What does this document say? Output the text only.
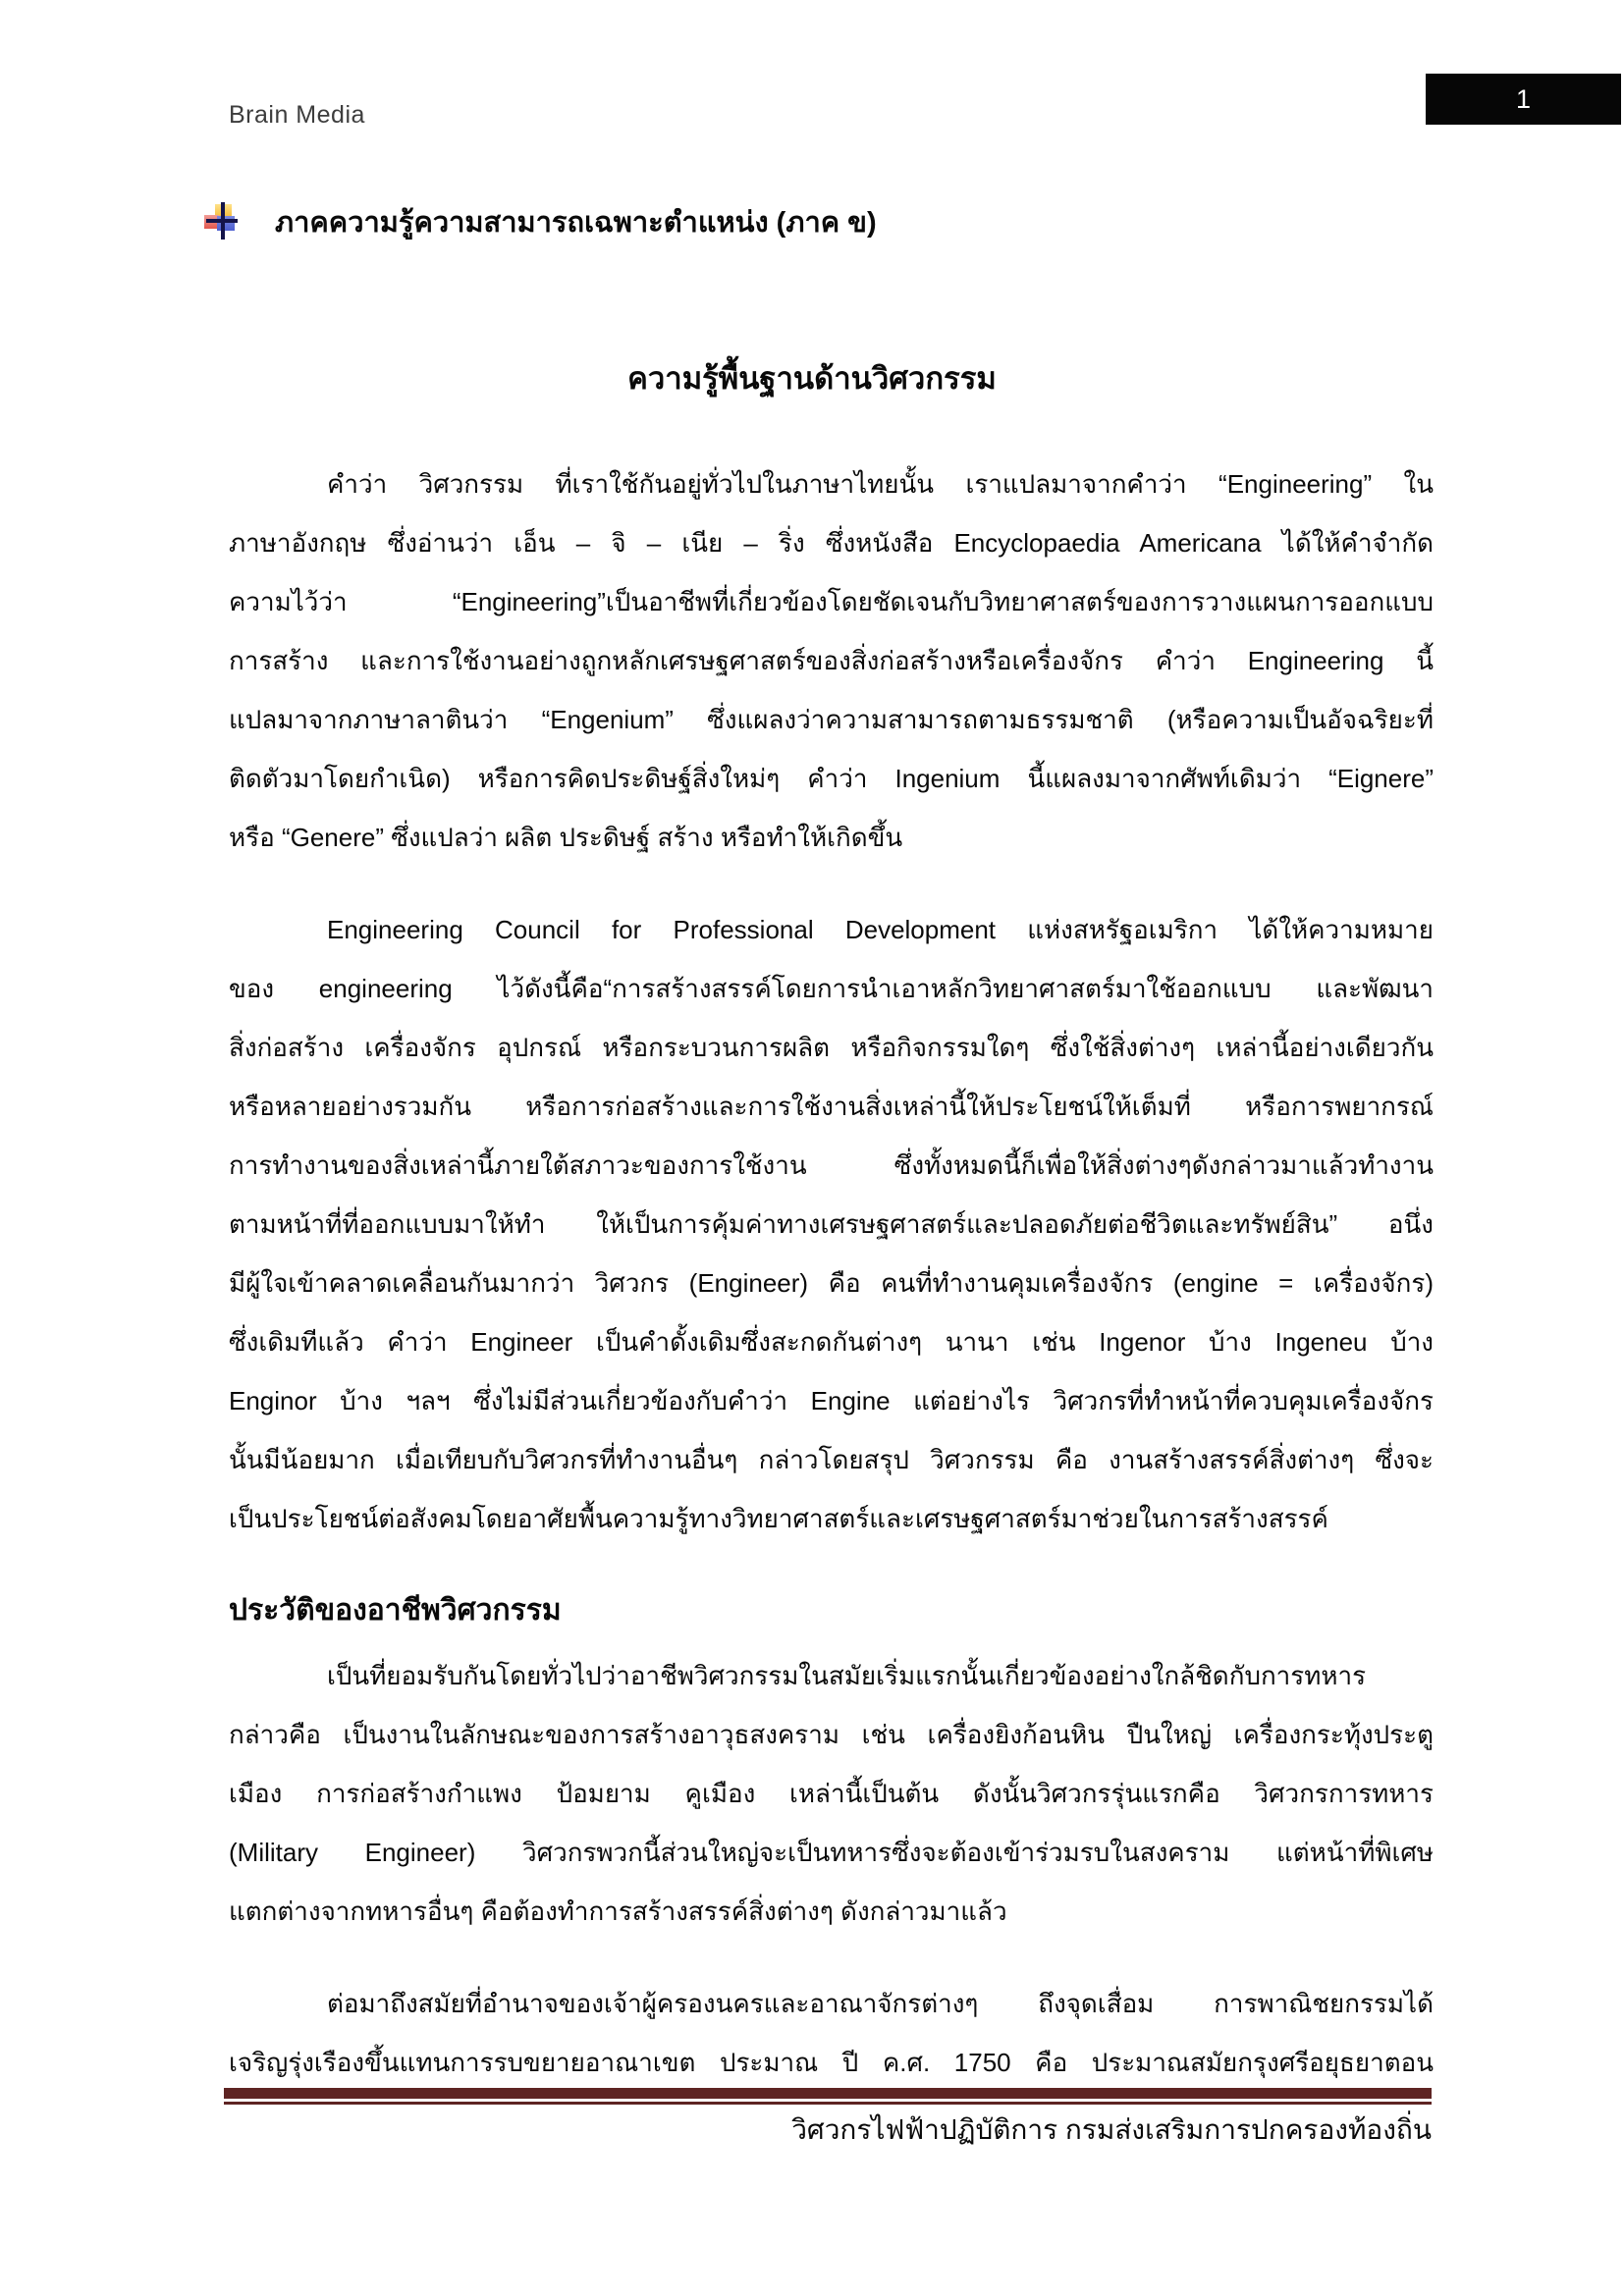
Brain Media
1
ภาคความรู้ความสามารถเฉพาะตำแหน่ง (ภาค ข)
ความรู้พื้นฐานด้านวิศวกรรม
คำว่า วิศวกรรม ที่เราใช้กันอยู่ทั่วไปในภาษาไทยนั้น เราแปลมาจากคำว่า “Engineering” ใน
ภาษาอังกฤษ ซึ่งอ่านว่า เอ็น – จิ – เนีย – ริ่ง ซึ่งหนังสือ Encyclopaedia Americana ได้ให้คำจำกัด
ความไว้ว่า “Engineering”เป็นอาชีพที่เกี่ยวข้องโดยชัดเจนกับวิทยาศาสตร์ของการวางแผนการออกแบบ
การสร้าง และการใช้งานอย่างถูกหลักเศรษฐศาสตร์ของสิ่งก่อสร้างหรือเครื่องจักร คำว่า Engineering นี้
แปลมาจากภาษาลาตินว่า “Engenium” ซึ่งแผลงว่าความสามารถตามธรรมชาติ (หรือความเป็นอัจฉริยะที่
ติดตัวมาโดยกำเนิด) หรือการคิดประดิษฐ์สิ่งใหม่ๆ คำว่า Ingenium นี้แผลงมาจากศัพท์เดิมว่า “Eignere”
หรือ “Genere” ซึ่งแปลว่า ผลิต ประดิษฐ์ สร้าง หรือทำให้เกิดขึ้น
Engineering Council for Professional Development แห่งสหรัฐอเมริกา ได้ให้ความหมาย
ของ engineering ไว้ดังนี้คือ“การสร้างสรรค์โดยการนำเอาหลักวิทยาศาสตร์มาใช้ออกแบบ และพัฒนา
สิ่งก่อสร้าง เครื่องจักร อุปกรณ์ หรือกระบวนการผลิต หรือกิจกรรมใดๆ ซึ่งใช้สิ่งต่างๆ เหล่านี้อย่างเดียวกัน
หรือหลายอย่างรวมกัน หรือการก่อสร้างและการใช้งานสิ่งเหล่านี้ให้ประโยชน์ให้เต็มที่ หรือการพยากรณ์
การทำงานของสิ่งเหล่านี้ภายใต้สภาวะของการใช้งาน ซึ่งทั้งหมดนี้ก็เพื่อให้สิ่งต่างๆดังกล่าวมาแล้วทำงาน
ตามหน้าที่ที่ออกแบบมาให้ทำ ให้เป็นการคุ้มค่าทางเศรษฐศาสตร์และปลอดภัยต่อชีวิตและทรัพย์สิน” อนึ่ง
มีผู้ใจเข้าคลาดเคลื่อนกันมากว่า วิศวกร (Engineer) คือ คนที่ทำงานคุมเครื่องจักร (engine = เครื่องจักร)
ซึ่งเดิมทีแล้ว คำว่า Engineer เป็นคำดั้งเดิมซึ่งสะกดกันต่างๆ นานา เช่น Ingenor บ้าง Ingeneu บ้าง
Enginor บ้าง ฯลฯ ซึ่งไม่มีส่วนเกี่ยวข้องกับคำว่า Engine แต่อย่างไร วิศวกรที่ทำหน้าที่ควบคุมเครื่องจักร
นั้นมีน้อยมาก เมื่อเทียบกับวิศวกรที่ทำงานอื่นๆ กล่าวโดยสรุป วิศวกรรม คือ งานสร้างสรรค์สิ่งต่างๆ ซึ่งจะ
เป็นประโยชน์ต่อสังคมโดยอาศัยพื้นความรู้ทางวิทยาศาสตร์และเศรษฐศาสตร์มาช่วยในการสร้างสรรค์
ประวัติของอาชีพวิศวกรรม
เป็นที่ยอมรับกันโดยทั่วไปว่าอาชีพวิศวกรรมในสมัยเริ่มแรกนั้นเกี่ยวข้องอย่างใกล้ชิดกับการทหาร
กล่าวคือ เป็นงานในลักษณะของการสร้างอาวุธสงคราม เช่น เครื่องยิงก้อนหิน ปืนใหญ่ เครื่องกระทุ้งประตู
เมือง การก่อสร้างกำแพง ป้อมยาม คูเมือง เหล่านี้เป็นต้น ดังนั้นวิศวกรรุ่นแรกคือ วิศวกรการทหาร
(Military Engineer) วิศวกรพวกนี้ส่วนใหญ่จะเป็นทหารซึ่งจะต้องเข้าร่วมรบในสงคราม แต่หน้าที่พิเศษ
แตกต่างจากทหารอื่นๆ คือต้องทำการสร้างสรรค์สิ่งต่างๆ ดังกล่าวมาแล้ว
ต่อมาถึงสมัยที่อำนาจของเจ้าผู้ครองนครและอาณาจักรต่างๆ ถึงจุดเสื่อม การพาณิชยกรรมได้
เจริญรุ่งเรืองขึ้นแทนการรบขยายอาณาเขต ประมาณ ปี ค.ศ. 1750 คือ ประมาณสมัยกรุงศรีอยุธยาตอน
วิศวกรไฟฟ้าปฏิบัติการ กรมส่งเสริมการปกครองท้องถิ่น
